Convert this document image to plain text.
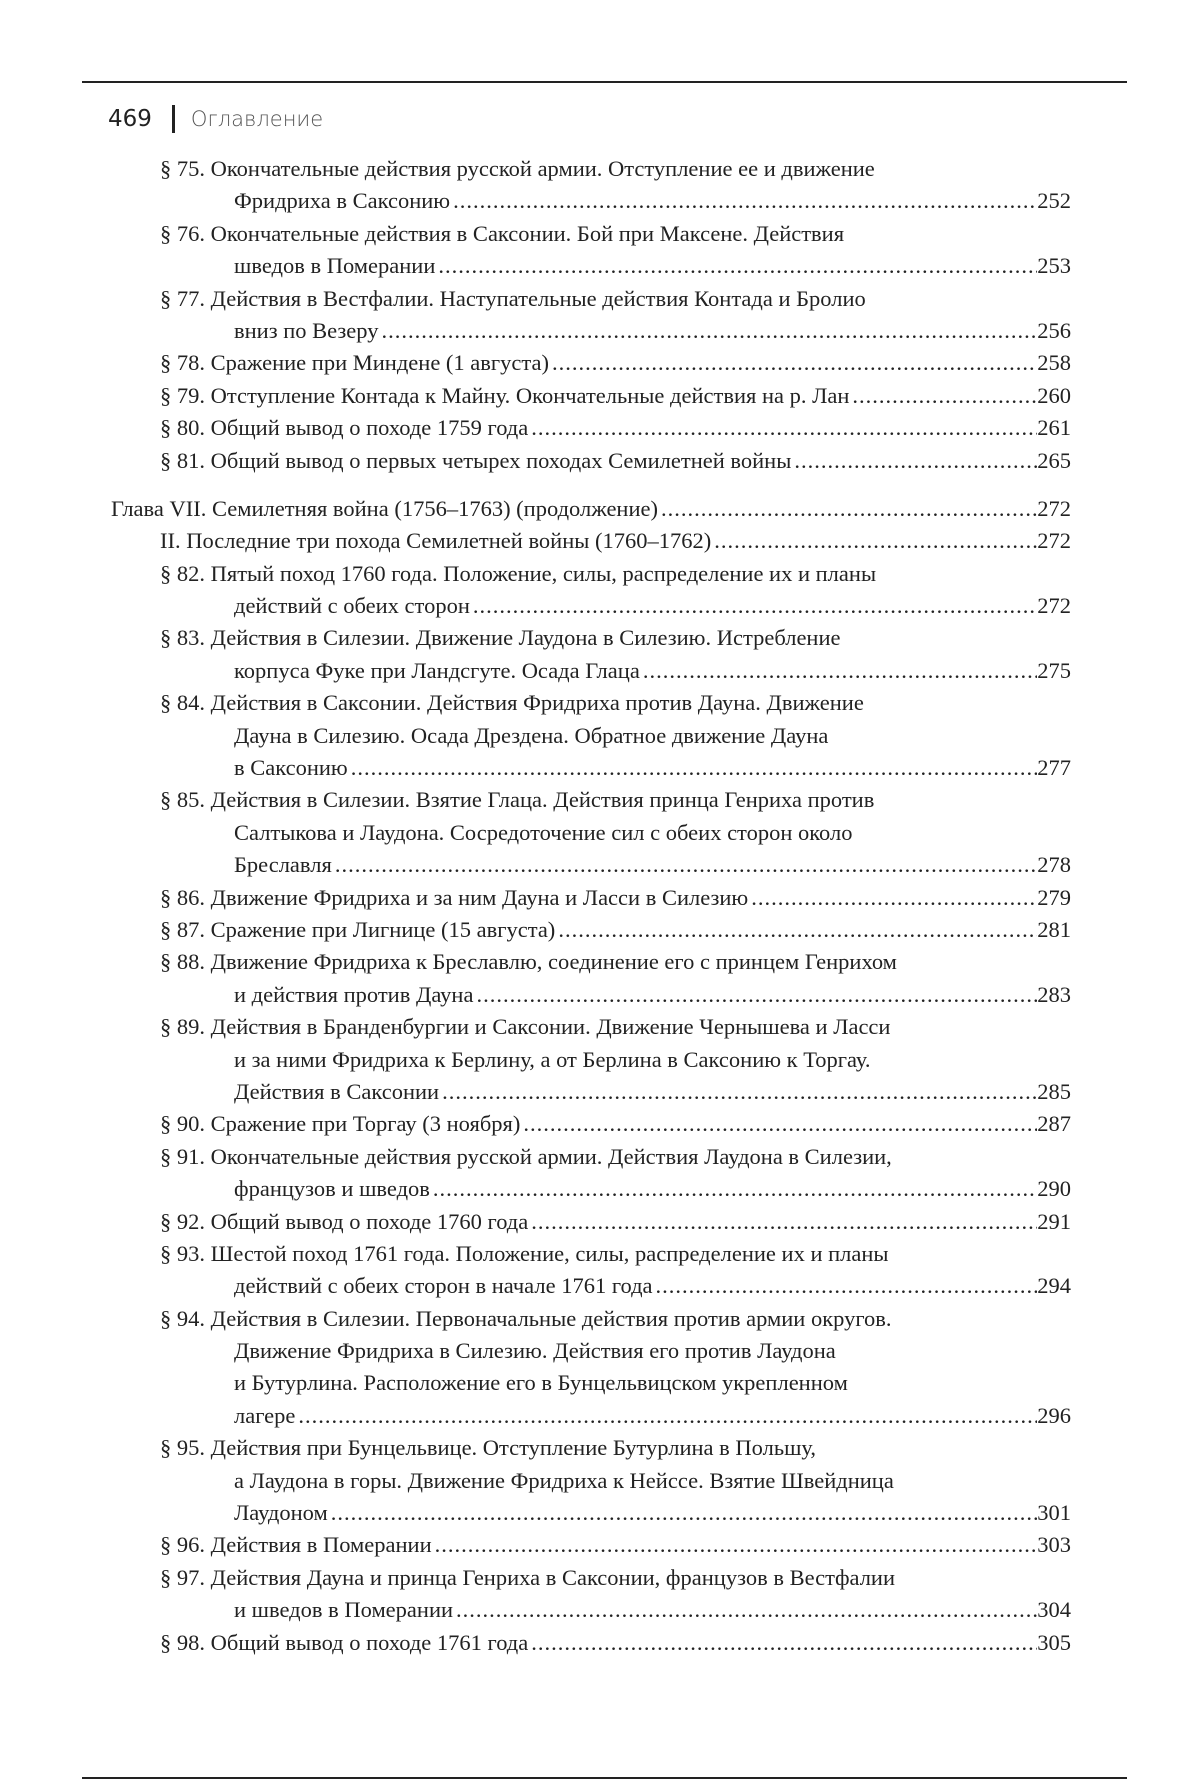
469 Оглавление
§ 75. Окончательные действия русской армии. Отступление ее и движение
Фридриха в Саксонию
.....	252
§ 76. Окончательные действия в Саксонии. Бой при Максене. Действия
шведов в Померании
.....	253
§ 77. Действия в Вестфалии. Наступательные действия Контада и Бролио
вниз по Везеру
.....	256
§ 78. Сражение при Миндене (1 августа)
.....	258
§ 79. Отступление Контада к Майну. Окончательные действия на р. Лан
.....	260
§ 80. Общий вывод о походе 1759 года
.....	261
§ 81. Общий вывод о первых четырех походах Семилетней войны
.....	265
Глава VII. Семилетняя война (1756–1763) (продолжение)
.....	272
II. Последние три похода Семилетней войны (1760–1762)
.....	272
§ 82. Пятый поход 1760 года. Положение, силы, распределение их и планы
действий с обеих сторон
.....	272
§ 83. Действия в Силезии. Движение Лаудона в Силезию. Истребление
корпуса Фуке при Ландсгуте. Осада Глаца
.....	275
§ 84. Действия в Саксонии. Действия Фридриха против Дауна. Движение
Дауна в Силезию. Осада Дрездена. Обратное движение Дауна
в Саксонию
.....	277
§ 85. Действия в Силезии. Взятие Глаца. Действия принца Генриха против
Салтыкова и Лаудона. Сосредоточение сил с обеих сторон около
Бреславля
.....	278
§ 86. Движение Фридриха и за ним Дауна и Ласси в Силезию
.....	279
§ 87. Сражение при Лигнице (15 августа)
.....	281
§ 88. Движение Фридриха к Бреславлю, соединение его с принцем Генрихом
и действия против Дауна
.....	283
§ 89. Действия в Бранденбургии и Саксонии. Движение Чернышева и Ласси
и за ними Фридриха к Берлину, а от Берлина в Саксонию к Торгау.
Действия в Саксонии
.....	285
§ 90. Сражение при Торгау (3 ноября)
.....	287
§ 91. Окончательные действия русской армии. Действия Лаудона в Силезии,
французов и шведов
.....	290
§ 92. Общий вывод о походе 1760 года
.....	291
§ 93. Шестой поход 1761 года. Положение, силы, распределение их и планы
действий с обеих сторон в начале 1761 года
.....	294
§ 94. Действия в Силезии. Первоначальные действия против армии округов.
Движение Фридриха в Силезию. Действия его против Лаудона
и Бутурлина. Расположение его в Бунцельвицском укрепленном
лагере
.....	296
§ 95. Действия при Бунцельвице. Отступление Бутурлина в Польшу,
а Лаудона в горы. Движение Фридриха к Нейссе. Взятие Швейдница
Лаудоном
.....	301
§ 96. Действия в Померании
.....	303
§ 97. Действия Дауна и принца Генриха в Саксонии, французов в Вестфалии
и шведов в Померании
.....	304
§ 98. Общий вывод о походе 1761 года
.....	305
